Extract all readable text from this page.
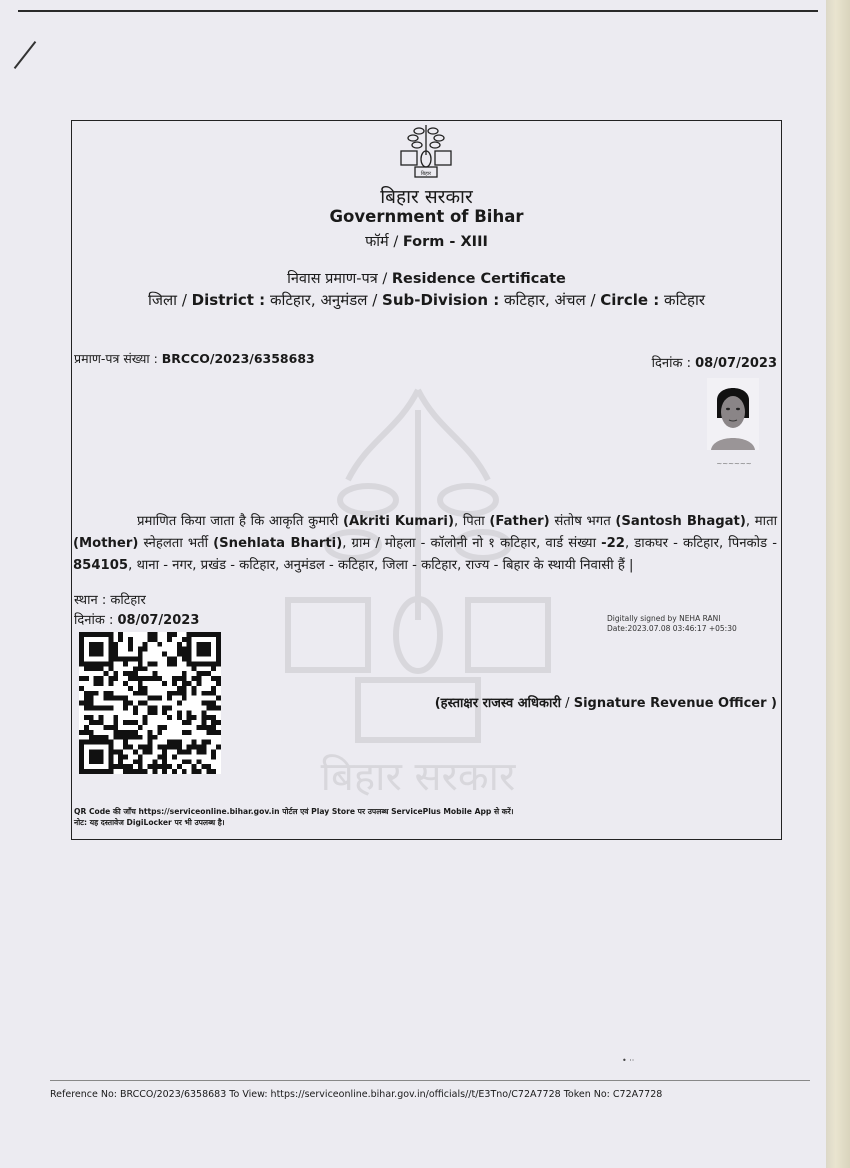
बिहार सरकार
बिहार
बिहार सरकार
Government of Bihar
फॉर्म / Form - XIII
निवास प्रमाण-पत्र / Residence Certificate
जिला / District : कटिहार, अनुमंडल / Sub-Division : कटिहार, अंचल / Circle : कटिहार
प्रमाण-पत्र संख्या : BRCCO/2023/6358683	दिनांक : 08/07/2023
~~~~~~
प्रमाणित किया जाता है कि आकृति कुमारी (Akriti Kumari), पिता (Father) संतोष भगत (Santosh Bhagat), माता (Mother) स्नेहलता भर्ती (Snehlata Bharti), ग्राम / मोहला - कॉलोनी नो १ कटिहार, वार्ड संख्या -22, डाकघर - कटिहार, पिनकोड - 854105, थाना - नगर, प्रखंड - कटिहार, अनुमंडल - कटिहार, जिला - कटिहार, राज्य - बिहार के स्थायी निवासी हैं |
स्थान : कटिहार
दिनांक : 08/07/2023	Digitally signed by NEHA RANI
Date:2023.07.08 03:46:17 +05:30
(हस्ताक्षर राजस्व अधिकारी / Signature Revenue Officer )
QR Code की जाँच https://serviceonline.bihar.gov.in पोर्टल एवं Play Store पर उपलब्ध ServicePlus Mobile App से करें।
नोट: यह दस्तावेज DigiLocker पर भी उपलब्ध है।
• ··
Reference No: BRCCO/2023/6358683 To View: https://serviceonline.bihar.gov.in/officials//t/E3Tno/C72A7728 Token No: C72A7728
